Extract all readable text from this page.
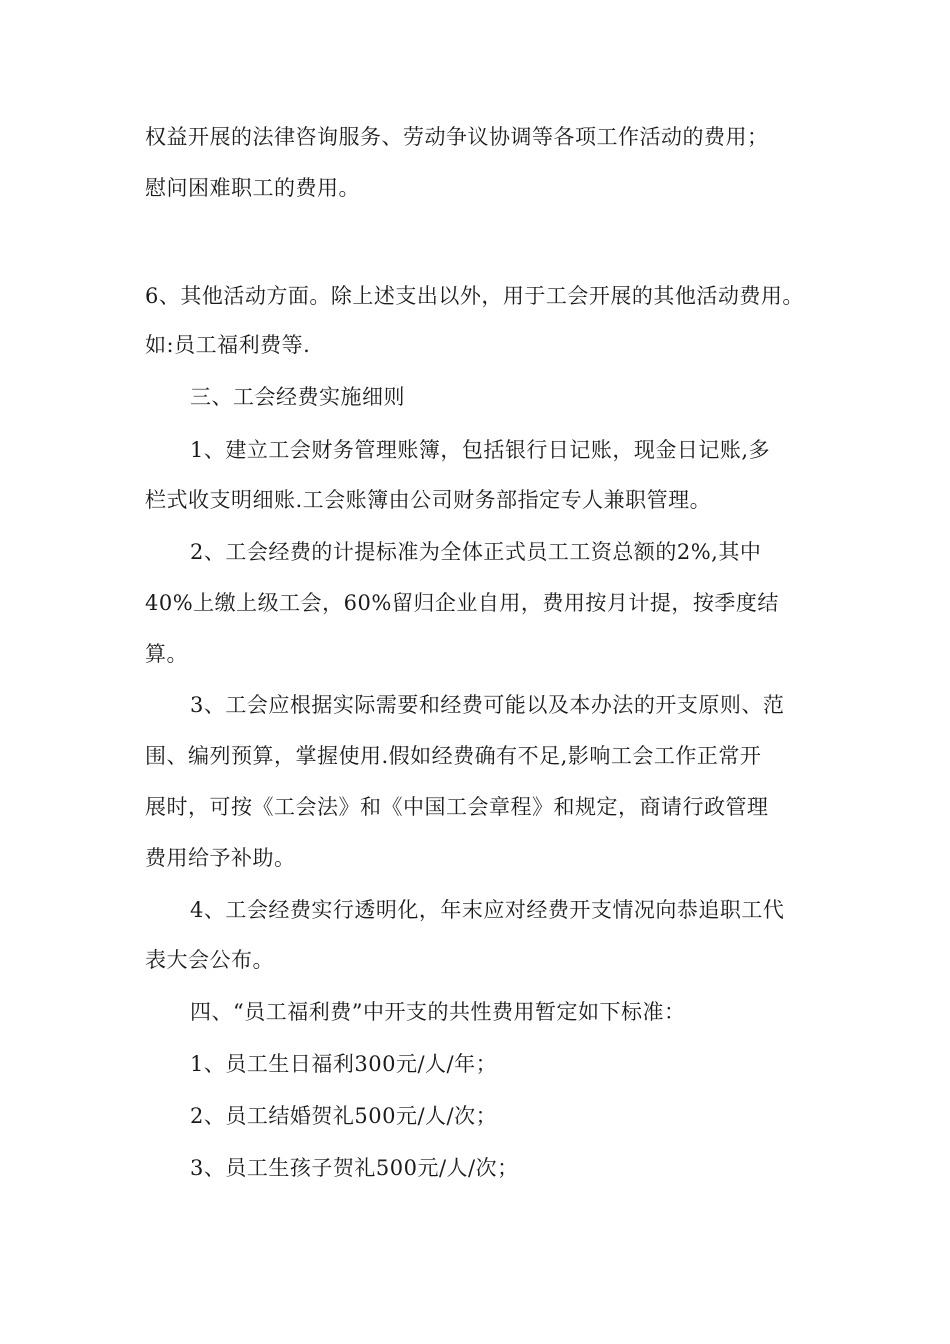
权益开展的法律咨询服务、劳动争议协调等各项工作活动的费用；
慰问困难职工的费用。
6、其他活动方面。除上述支出以外，用于工会开展的其他活动费用。
如:员工福利费等.
三、工会经费实施细则
1、建立工会财务管理账簿，包括银行日记账，现金日记账,多
栏式收支明细账.工会账簿由公司财务部指定专人兼职管理。
2、工会经费的计提标准为全体正式员工工资总额的2%,其中
40%上缴上级工会，60%留归企业自用，费用按月计提，按季度结
算。
3、工会应根据实际需要和经费可能以及本办法的开支原则、范
围、编列预算，掌握使用.假如经费确有不足,影响工会工作正常开
展时，可按《工会法》和《中国工会章程》和规定，商请行政管理
费用给予补助。
4、工会经费实行透明化，年末应对经费开支情况向恭追职工代
表大会公布。
四、“员工福利费”中开支的共性费用暂定如下标准：
1、员工生日福利300元/人/年；
2、员工结婚贺礼500元/人/次；
3、员工生孩子贺礼500元/人/次；
